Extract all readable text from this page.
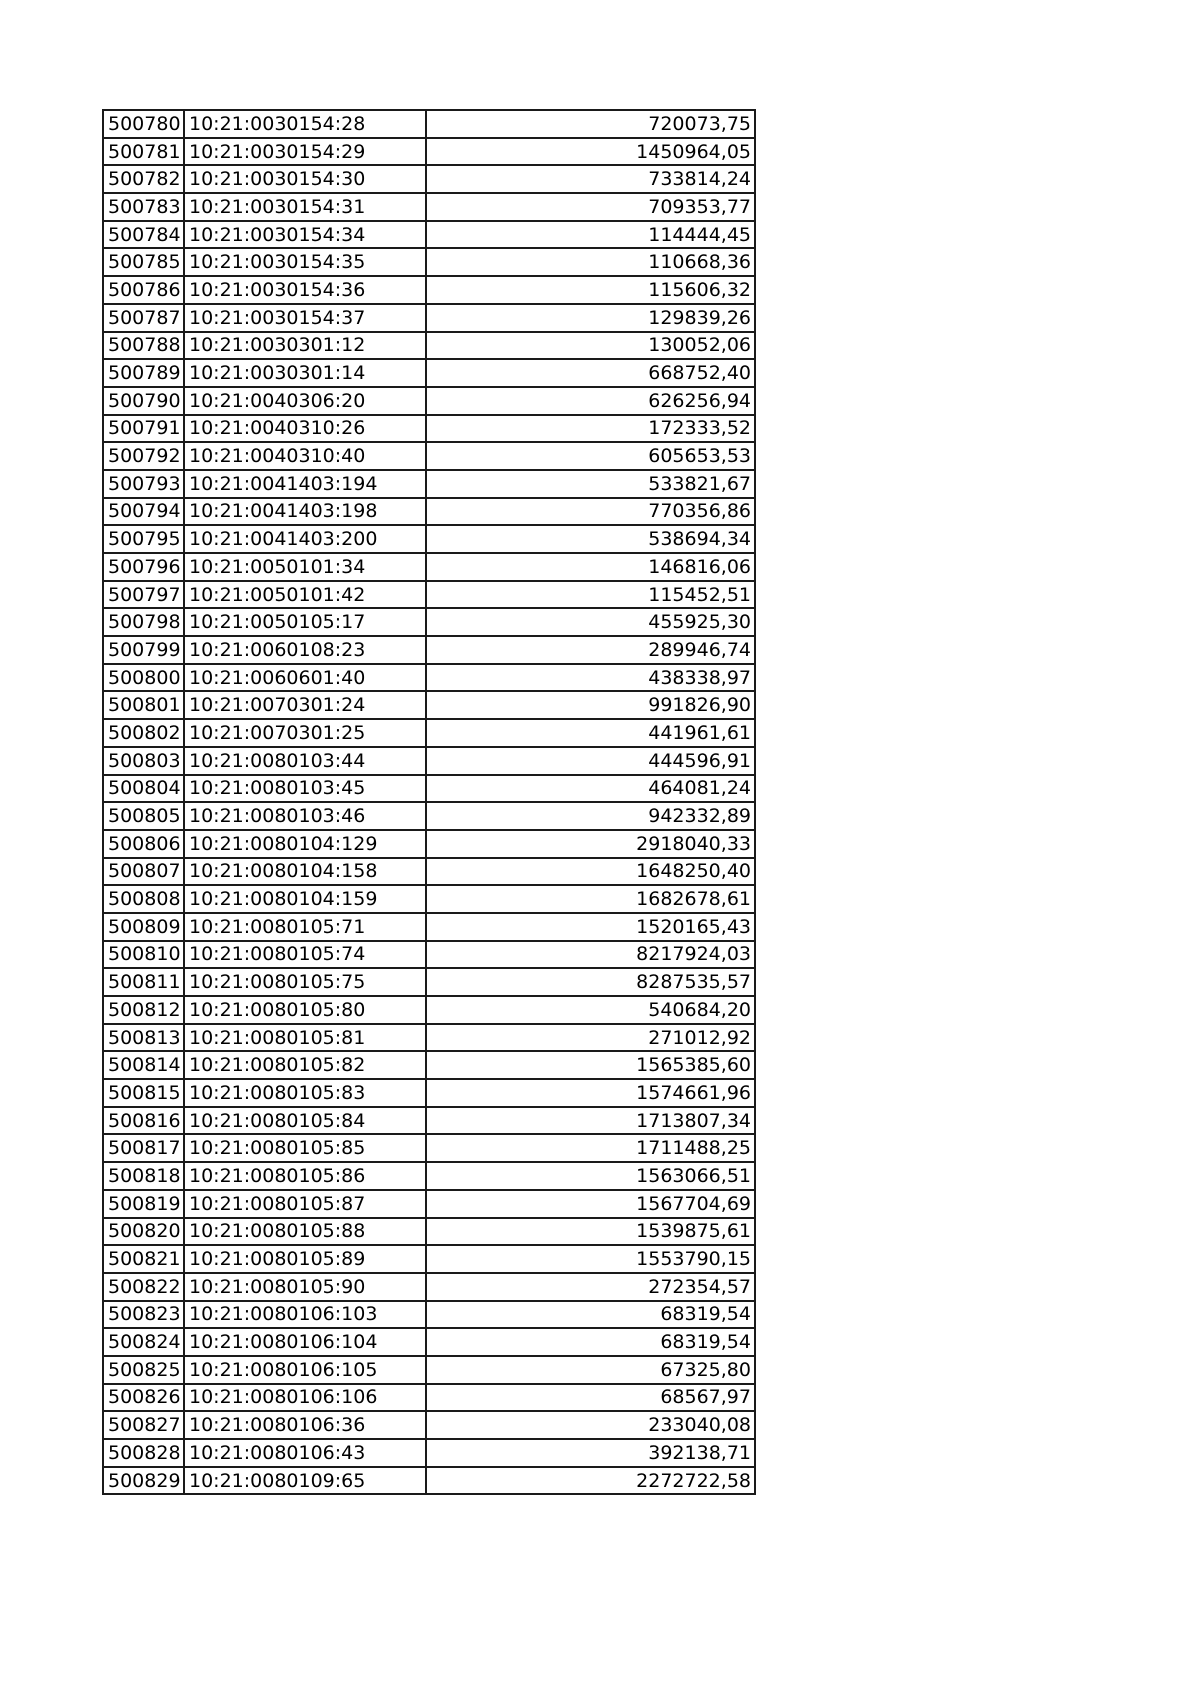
500780	10:21:0030154:28	720073,75
500781	10:21:0030154:29	1450964,05
500782	10:21:0030154:30	733814,24
500783	10:21:0030154:31	709353,77
500784	10:21:0030154:34	114444,45
500785	10:21:0030154:35	110668,36
500786	10:21:0030154:36	115606,32
500787	10:21:0030154:37	129839,26
500788	10:21:0030301:12	130052,06
500789	10:21:0030301:14	668752,40
500790	10:21:0040306:20	626256,94
500791	10:21:0040310:26	172333,52
500792	10:21:0040310:40	605653,53
500793	10:21:0041403:194	533821,67
500794	10:21:0041403:198	770356,86
500795	10:21:0041403:200	538694,34
500796	10:21:0050101:34	146816,06
500797	10:21:0050101:42	115452,51
500798	10:21:0050105:17	455925,30
500799	10:21:0060108:23	289946,74
500800	10:21:0060601:40	438338,97
500801	10:21:0070301:24	991826,90
500802	10:21:0070301:25	441961,61
500803	10:21:0080103:44	444596,91
500804	10:21:0080103:45	464081,24
500805	10:21:0080103:46	942332,89
500806	10:21:0080104:129	2918040,33
500807	10:21:0080104:158	1648250,40
500808	10:21:0080104:159	1682678,61
500809	10:21:0080105:71	1520165,43
500810	10:21:0080105:74	8217924,03
500811	10:21:0080105:75	8287535,57
500812	10:21:0080105:80	540684,20
500813	10:21:0080105:81	271012,92
500814	10:21:0080105:82	1565385,60
500815	10:21:0080105:83	1574661,96
500816	10:21:0080105:84	1713807,34
500817	10:21:0080105:85	1711488,25
500818	10:21:0080105:86	1563066,51
500819	10:21:0080105:87	1567704,69
500820	10:21:0080105:88	1539875,61
500821	10:21:0080105:89	1553790,15
500822	10:21:0080105:90	272354,57
500823	10:21:0080106:103	68319,54
500824	10:21:0080106:104	68319,54
500825	10:21:0080106:105	67325,80
500826	10:21:0080106:106	68567,97
500827	10:21:0080106:36	233040,08
500828	10:21:0080106:43	392138,71
500829	10:21:0080109:65	2272722,58
